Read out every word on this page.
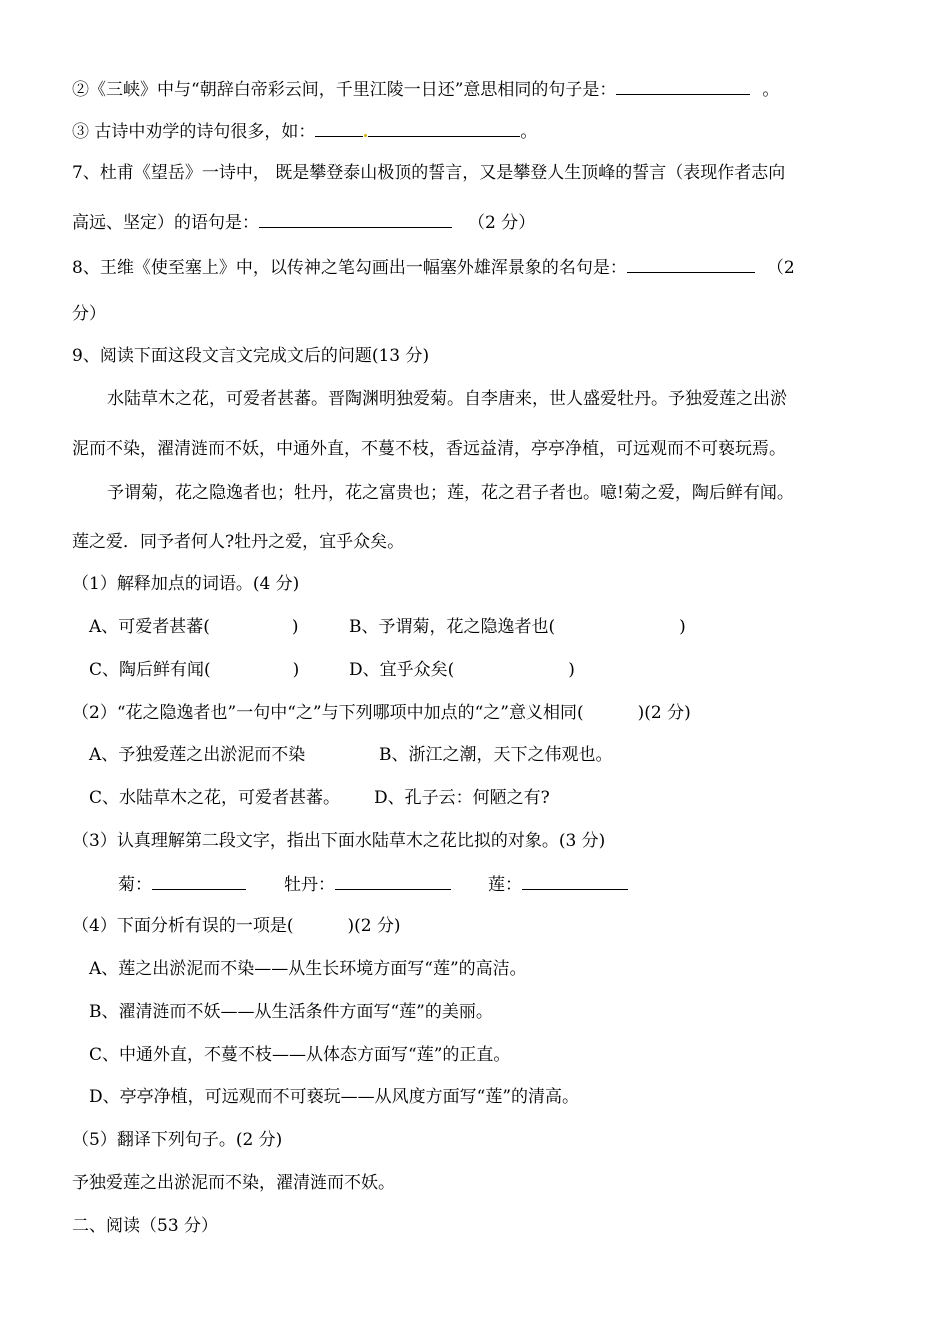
②《三峡》中与“朝辞白帝彩云间，千里江陵一日还”意思相同的句子是：	。
③ 古诗中劝学的诗句很多，如：	。
7、杜甫《望岳》一诗中， 既是攀登泰山极顶的誓言，又是攀登人生顶峰的誓言（表现作者志向
高远、坚定）的语句是：	（2 分）
8、王维《使至塞上》中，以传神之笔勾画出一幅塞外雄浑景象的名句是：	（2
分）
9、阅读下面这段文言文完成文后的问题(13 分)
水陆草木之花，可爱者甚蕃。晋陶渊明独爱菊。自李唐来，世人盛爱牡丹。予独爱莲之出淤
泥而不染，濯清涟而不妖，中通外直，不蔓不枝，香远益清，亭亭净植，可远观而不可亵玩焉。
予谓菊，花之隐逸者也；牡丹，花之富贵也；莲，花之君子者也。噫!菊之爱，陶后鲜有闻。
莲之爱．同予者何人?牡丹之爱，宜乎众矣。
（1）解释加点的词语。(4 分)
A、可爱者甚蕃(	)	B、予谓菊，花之隐逸者也(	)
C、陶后鲜有闻(	)	D、宜乎众矣(	)
（2）“花之隐逸者也”一句中“之”与下列哪项中加点的“之”意义相同(	)(2 分)
A、予独爱莲之出淤泥而不染	B、浙江之潮，天下之伟观也。
C、水陆草木之花，可爱者甚蕃。 D、孔子云：何陋之有?
（3）认真理解第二段文字，指出下面水陆草木之花比拟的对象。(3 分)
菊：	牡丹：	莲：
（4）下面分析有误的一项是(	)(2 分)
A、莲之出淤泥而不染——从生长环境方面写“莲”的高洁。
B、濯清涟而不妖——从生活条件方面写“莲”的美丽。
C、中通外直，不蔓不枝——从体态方面写“莲”的正直。
D、亭亭净植，可远观而不可亵玩——从风度方面写“莲”的清高。
（5）翻译下列句子。(2 分)
予独爱莲之出淤泥而不染，濯清涟而不妖。
二、阅读（53 分）
